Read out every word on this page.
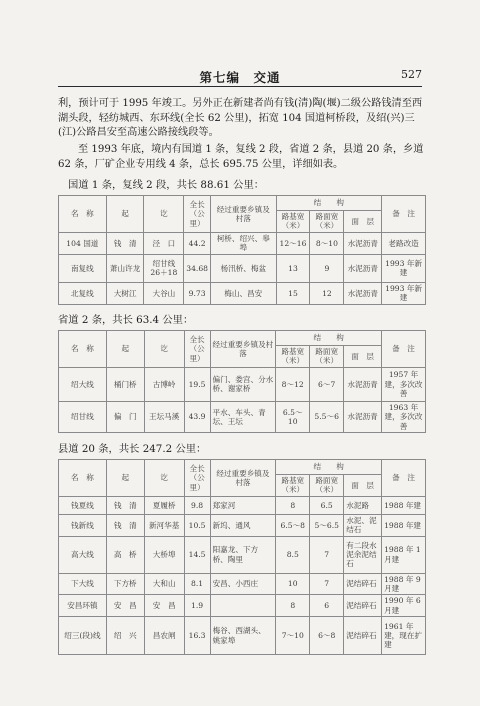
第七编　交通	527
利，预计可于 1995 年竣工。另外正在新建者尚有钱(清)陶(堰)二级公路钱清至西湖头段，轻纺城西、东环线(全长 62 公里)，拓宽 104 国道柯桥段，及绍(兴)三(江)公路昌安至高速公路接线段等。
至 1993 年底，境内有国道 1 条，复线 2 段，省道 2 条，县道 20 条，乡道 62 条，厂矿企业专用线 4 条，总长 695.75 公里，详细如表。
国道 1 条，复线 2 段，共长 88.61 公里：
名　称	起	讫	全长（公里）	经过重要乡镇及村落	结　　构			备　注
					路基宽（米）	路面宽（米）	面　层	
104 国道	钱　清	泾　口	44.2	柯桥、绍兴、皋埠	12～16	8～10	水泥沥青	老路改造
南复线	萧山许龙	绍甘线 26＋18	34.68	杨汛桥、梅盆	13	9	水泥沥青	1993 年新建
北复线	大树江	大谷山	9.73	梅山、昌安	15	12	水泥沥青	1993 年新建
省道 2 条，共长 63.4 公里：
名　称	起	讫	全长（公里）	经过重要乡镇及村落	结　　构			备　注
					路基宽（米）	路面宽（米）	面　层	
绍大线	桶门桥	古博岭	19.5	偏门、娄宫、分水桥、谢家桥	8～12	6～7	水泥沥青	1957 年建，多次改善
绍甘线	偏　门	王坛马溪	43.9	平水、车头、青坛、王坛	6.5～10	5.5～6	水泥沥青	1963 年建，多次改善
县道 20 条，共长 247.2 公里：
名　称	起	讫	全长（公里）	经过重要乡镇及村落	结　　构			备　注
					路基宽（米）	路面宽（米）	面　层	
钱夏线	钱　清	夏履桥	9.8	郑家河	8	6.5	水泥路	1988 年建
钱新线	钱　清	新河华基	10.5	新坞、通风	6.5～8	5～6.5	水泥、泥结石	1988 年建
高大线	高　桥	大桥埠	14.5	阳嘉龙、下方桥、陶里	8.5	7	有二段水泥余泥结石	1988 年 1 月建
下大线	下方桥	大和山	8.1	安昌、小西庄	10	7	泥结碎石	1988 年 9 月建
安昌环镇	安　昌	安　昌	1.9		8	6	泥结碎石	1990 年 6 月建
绍三(段)线	绍　兴	昌农闸	16.3	梅谷、西湖头、姚家埠	7～10	6～8	泥结碎石	1961 年建，现在扩建
